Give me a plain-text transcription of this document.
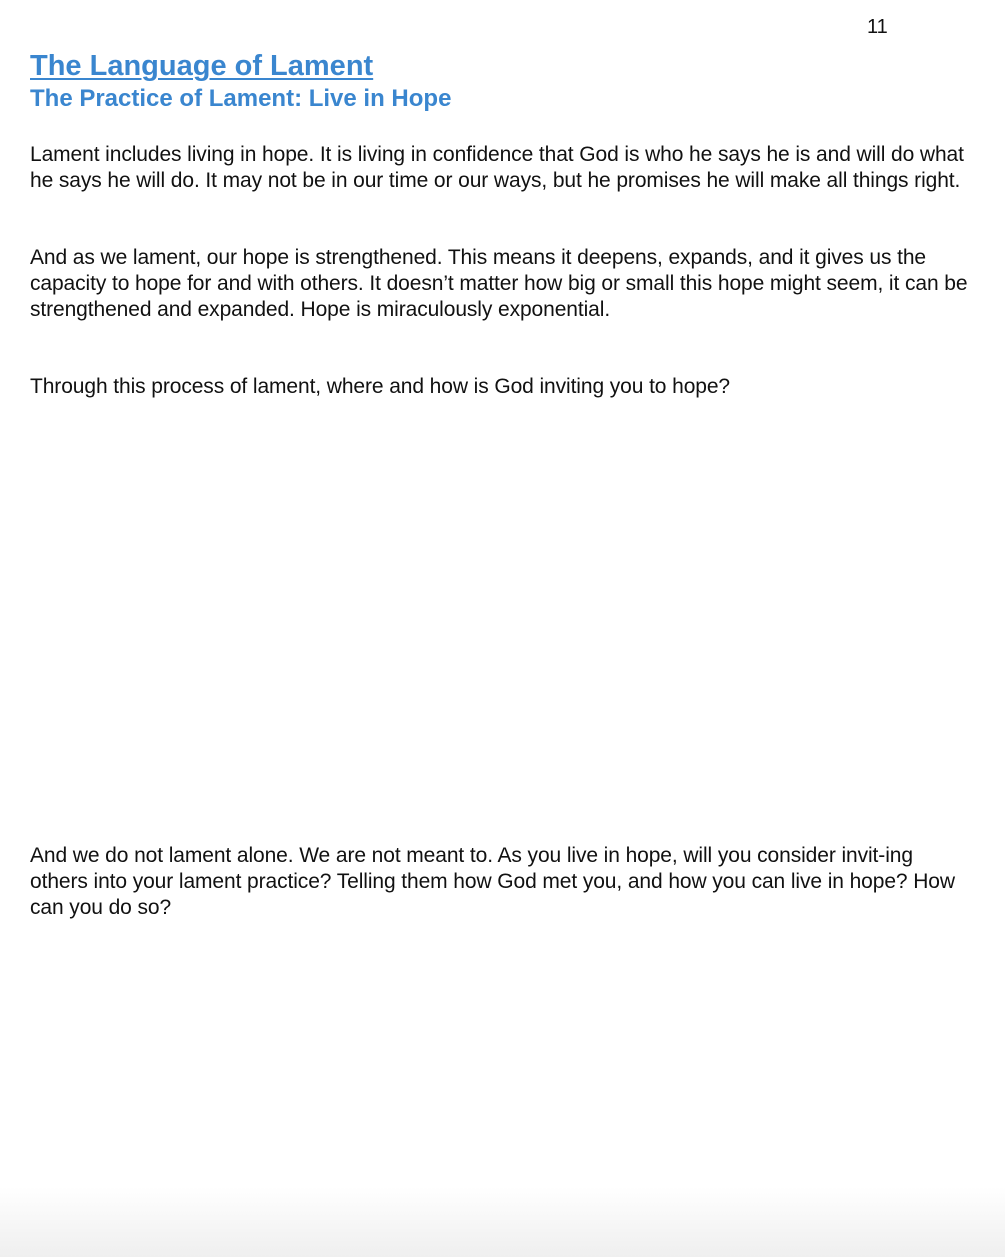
11
The Language of Lament
The Practice of Lament: Live in Hope

Lament includes living in hope. It is living in confidence that God is who he says he is and will do what he says he will do. It may not be in our time or our ways, but he promises he will make all things right.

And as we lament, our hope is strengthened. This means it deepens, expands, and it gives us the capacity to hope for and with others. It doesn’t matter how big or small this hope might seem, it can be strengthened and expanded. Hope is miraculously exponential.

Through this process of lament, where and how is God inviting you to hope?

And we do not lament alone. We are not meant to. As you live in hope, will you consider invit-ing others into your lament practice? Telling them how God met you, and how you can live in hope? How can you do so?
